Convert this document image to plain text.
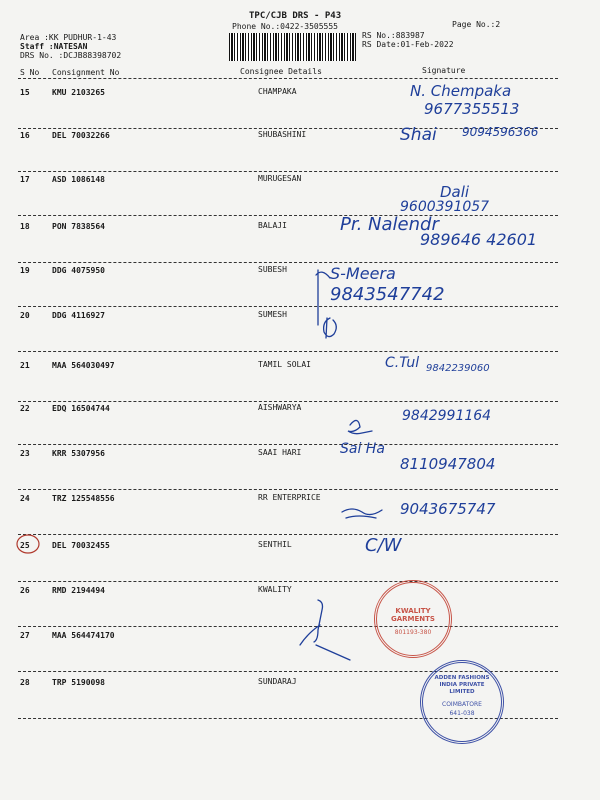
TPC/CJB DRS - P43
Phone No.:0422-3505555	Page No.:2
Area :KK PUDHUR-1-43
Staff :NATESAN
DRS No. :DCJB88398702
RS No.:883987
RS Date:01-Feb-2022
S No Consignment No	Consignee Details	Signature
15	KMU 2103265	CHAMPAKA	N. Chempaka
9677355513
16	DEL 70032266	SHUBASHINI	Shai 9094596366
17	ASD 1086148	MURUGESAN
Dali
9600391057
18	PON 7838564	BALAJI	Pr. Nalendr
989646 42601
19	DDG 4075950	SUBESH	S-Meera
9843547742
20	DDG 4116927	SUMESH
21	MAA 564030497	TAMIL SOLAI	C.Tul 9842239060
22	EDQ 16504744	AISHWARYA
9842991164
23	KRR 5307956	SAAI HARI	Sai Ha
8110947804
24	TRZ 125548556	RR ENTERPRICE
9043675747
25	DEL 70032455	SENTHIL	C/W
26	RMD 2194494	KWALITY
27	MAA 564474170
28	TRP 5190098	SUNDARAJ
KWALITY GARMENTS
801193-380
ADDEN FASHIONS INDIA PRIVATE LIMITED
COIMBATORE
641-038
